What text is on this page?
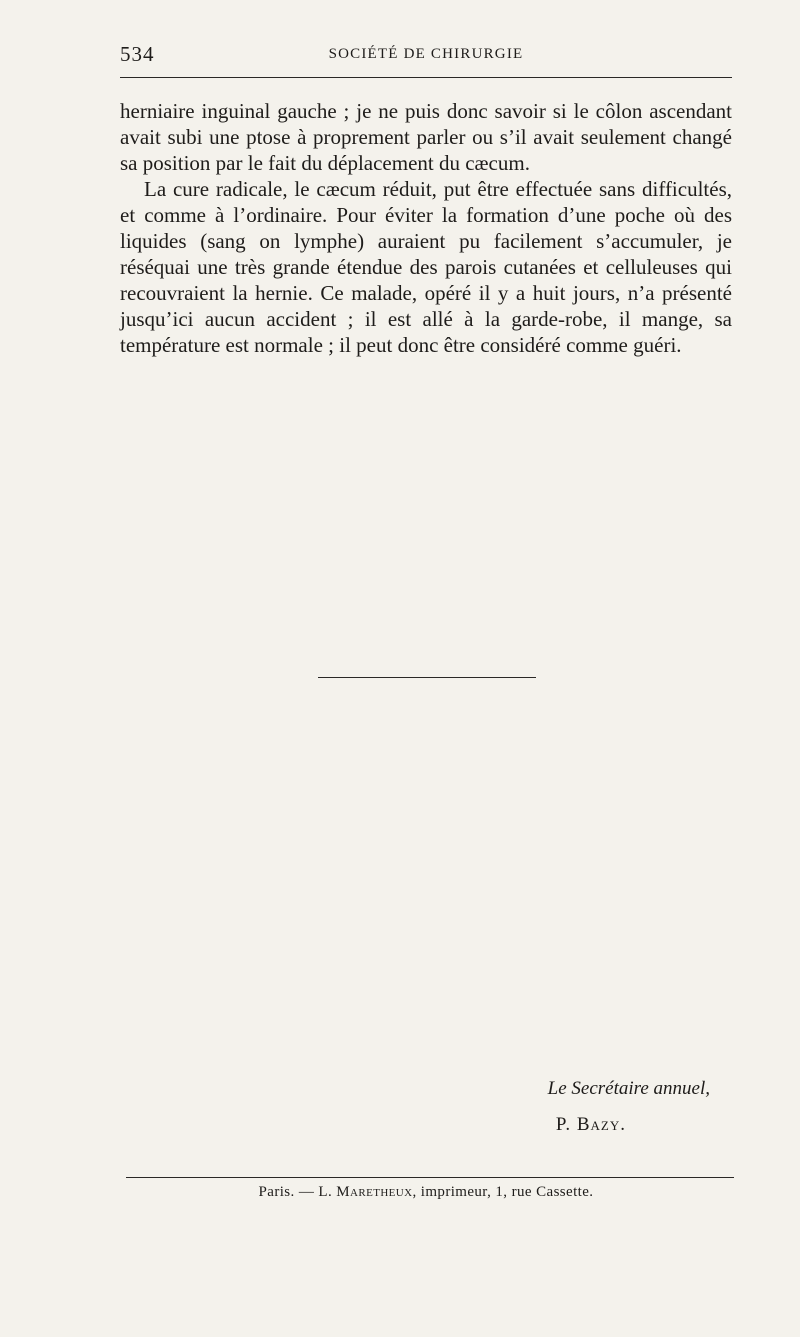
534	SOCIÉTÉ DE CHIRURGIE

herniaire inguinal gauche ; je ne puis donc savoir si le côlon ascendant avait subi une ptose à proprement parler ou s’il avait seulement changé sa position par le fait du déplacement du cæcum.

La cure radicale, le cæcum réduit, put être effectuée sans difficultés, et comme à l’ordinaire. Pour éviter la formation d’une poche où des liquides (sang on lymphe) auraient pu facilement s’accumuler, je réséquai une très grande étendue des parois cutanées et celluleuses qui recouvraient la hernie. Ce malade, opéré il y a huit jours, n’a présenté jusqu’ici aucun accident ; il est allé à la garde-robe, il mange, sa température est normale ; il peut donc être considéré comme guéri.

Le Secrétaire annuel,
P. Bazy.
Paris. — L. Maretheux, imprimeur, 1, rue Cassette.
